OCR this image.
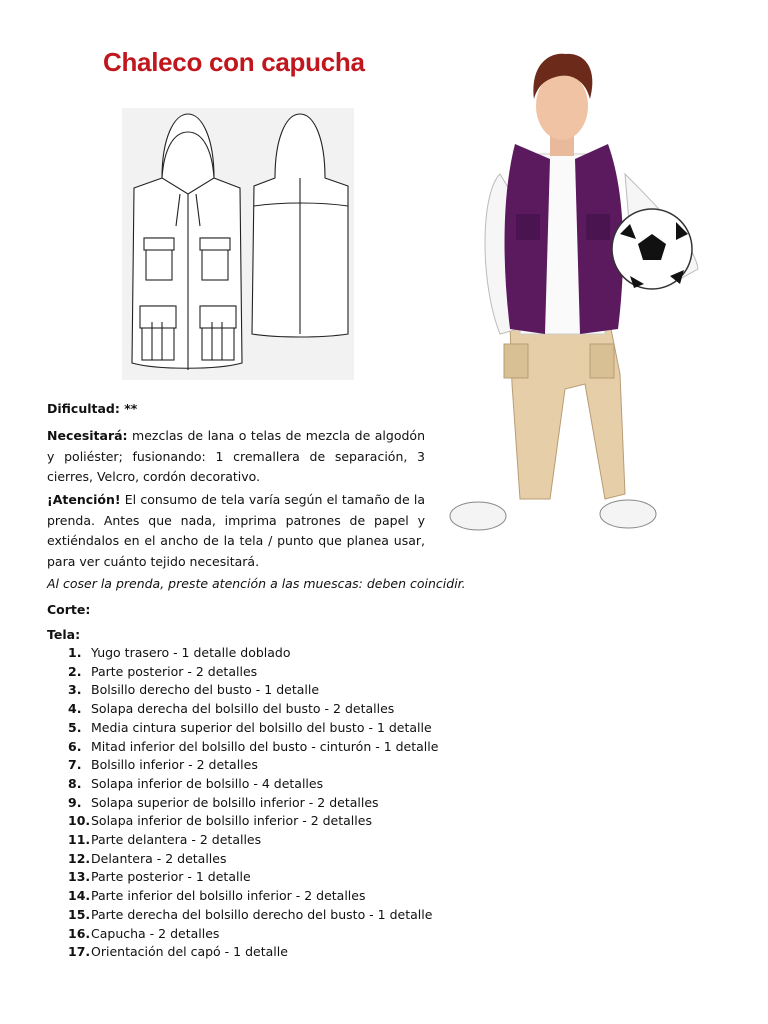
Chaleco con capucha
Dificultad: **
Necesitará: mezclas de lana o telas de mezcla de algodón y poliéster; fusionando: 1 cremallera de separación, 3 cierres, Velcro, cordón decorativo.
¡Atención! El consumo de tela varía según el tamaño de la prenda. Antes que nada, imprima patrones de papel y extiéndalos en el ancho de la tela / punto que planea usar, para ver cuánto tejido necesitará.
Al coser la prenda, preste atención a las muescas: deben coincidir.
Corte:
Tela:
1. Yugo trasero - 1 detalle doblado
2. Parte posterior - 2 detalles
3. Bolsillo derecho del busto - 1 detalle
4. Solapa derecha del bolsillo del busto - 2 detalles
5. Media cintura superior del bolsillo del busto - 1 detalle
6. Mitad inferior del bolsillo del busto - cinturón - 1 detalle
7. Bolsillo inferior - 2 detalles
8. Solapa inferior de bolsillo - 4 detalles
9. Solapa superior de bolsillo inferior - 2 detalles
10.Solapa inferior de bolsillo inferior - 2 detalles
11.Parte delantera - 2 detalles
12.Delantera - 2 detalles
13.Parte posterior - 1 detalle
14.Parte inferior del bolsillo inferior - 2 detalles
15.Parte derecha del bolsillo derecho del busto - 1 detalle
16.Capucha - 2 detalles
17.Orientación del capó - 1 detalle
